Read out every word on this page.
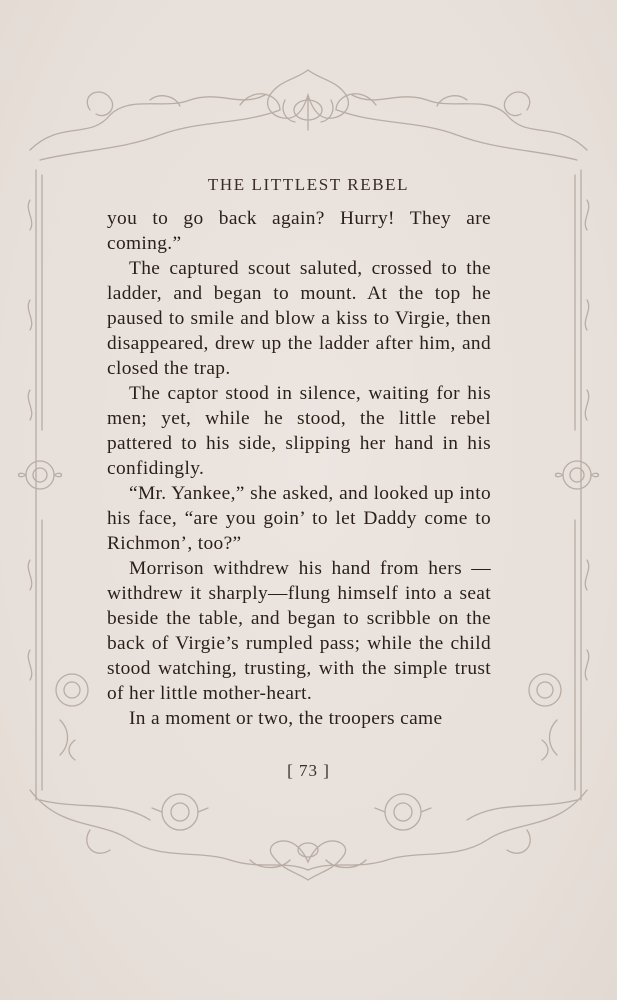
THE LITTLEST REBEL

you to go back again? Hurry! They are coming.”

The captured scout saluted, crossed to the ladder, and began to mount. At the top he paused to smile and blow a kiss to Virgie, then disappeared, drew up the ladder after him, and closed the trap.

The captor stood in silence, waiting for his men; yet, while he stood, the little rebel pattered to his side, slipping her hand in his confidingly.

“Mr. Yankee,” she asked, and looked up into his face, “are you goin’ to let Daddy come to Richmon’, too?”

Morrison withdrew his hand from hers —withdrew it sharply—flung himself into a seat beside the table, and began to scribble on the back of Virgie’s rumpled pass; while the child stood watching, trusting, with the simple trust of her little mother-heart.

In a moment or two, the troopers came

[ 73 ]
